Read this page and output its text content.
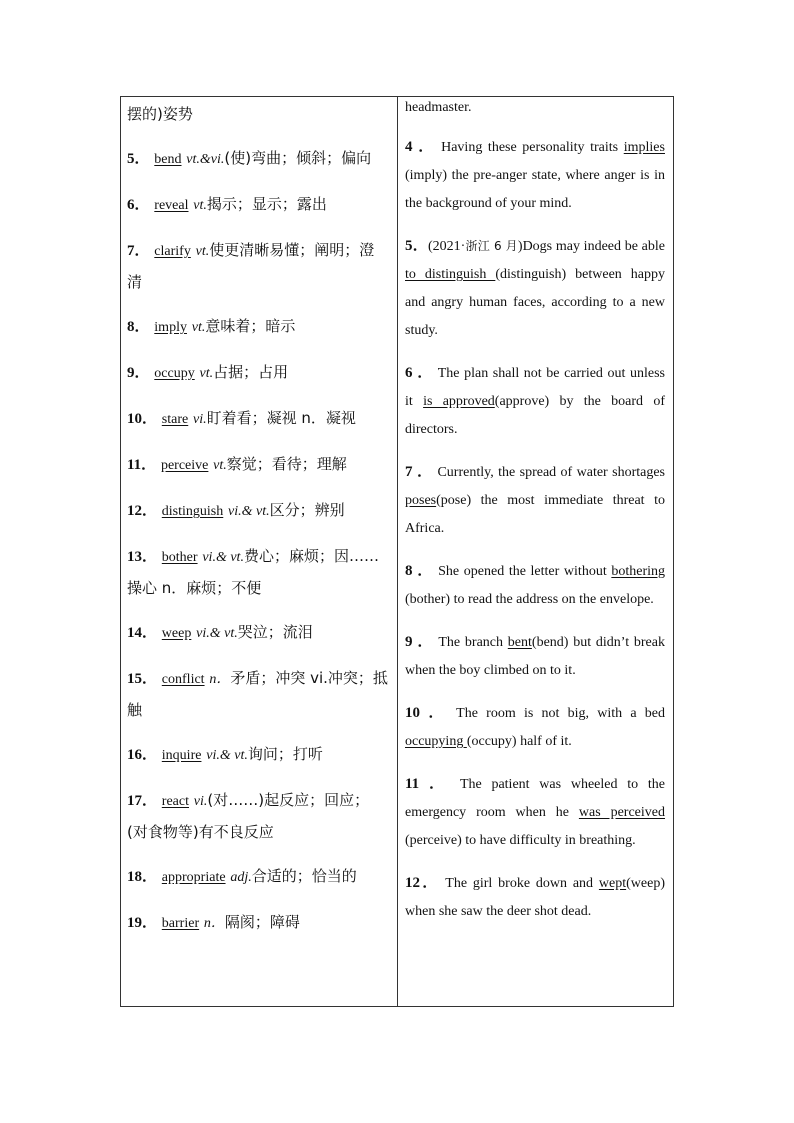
摆的)姿势
5． bend vt.&vi.(使)弯曲；倾斜；偏向
6． reveal vt.揭示；显示；露出
7． clarify vt.使更清晰易懂；阐明；澄清
8． imply vt.意味着；暗示
9． occupy vt.占据；占用
10． stare vi.盯着看；凝视 n．凝视
11． perceive vt.察觉；看待；理解
12． distinguish vi.& vt.区分；辨别
13． bother vi.& vt.费心；麻烦；因……操心 n．麻烦；不便
14． weep vi.& vt.哭泣；流泪
15． conflict n．矛盾；冲突 vi.冲突；抵触
16． inquire vi.& vt.询问；打听
17． react vi.(对……)起反应；回应；(对食物等)有不良反应
18． appropriate adj.合适的；恰当的
19． barrier n．隔阂；障碍

headmaster.
4 ． Having these personality traits implies (imply) the pre-anger state, where anger is in the background of your mind.
5．(2021·浙江 6 月)Dogs may indeed be able to distinguish (distinguish) between happy and angry human faces, according to a new study.
6 ． The plan shall not be carried out unless it is approved(approve) by the board of directors.
7 ． Currently, the spread of water shortages poses(pose) the most immediate threat to Africa.
8 ． She opened the letter without bothering (bother) to read the address on the envelope.
9 ． The branch bent(bend) but didn’t break when the boy climbed on to it.
10 ． The room is not big, with a bed occupying (occupy) half of it.
11 ． The patient was wheeled to the emergency room when he was perceived (perceive) to have difficulty in breathing.
12． The girl broke down and wept(weep) when she saw the deer shot dead.
